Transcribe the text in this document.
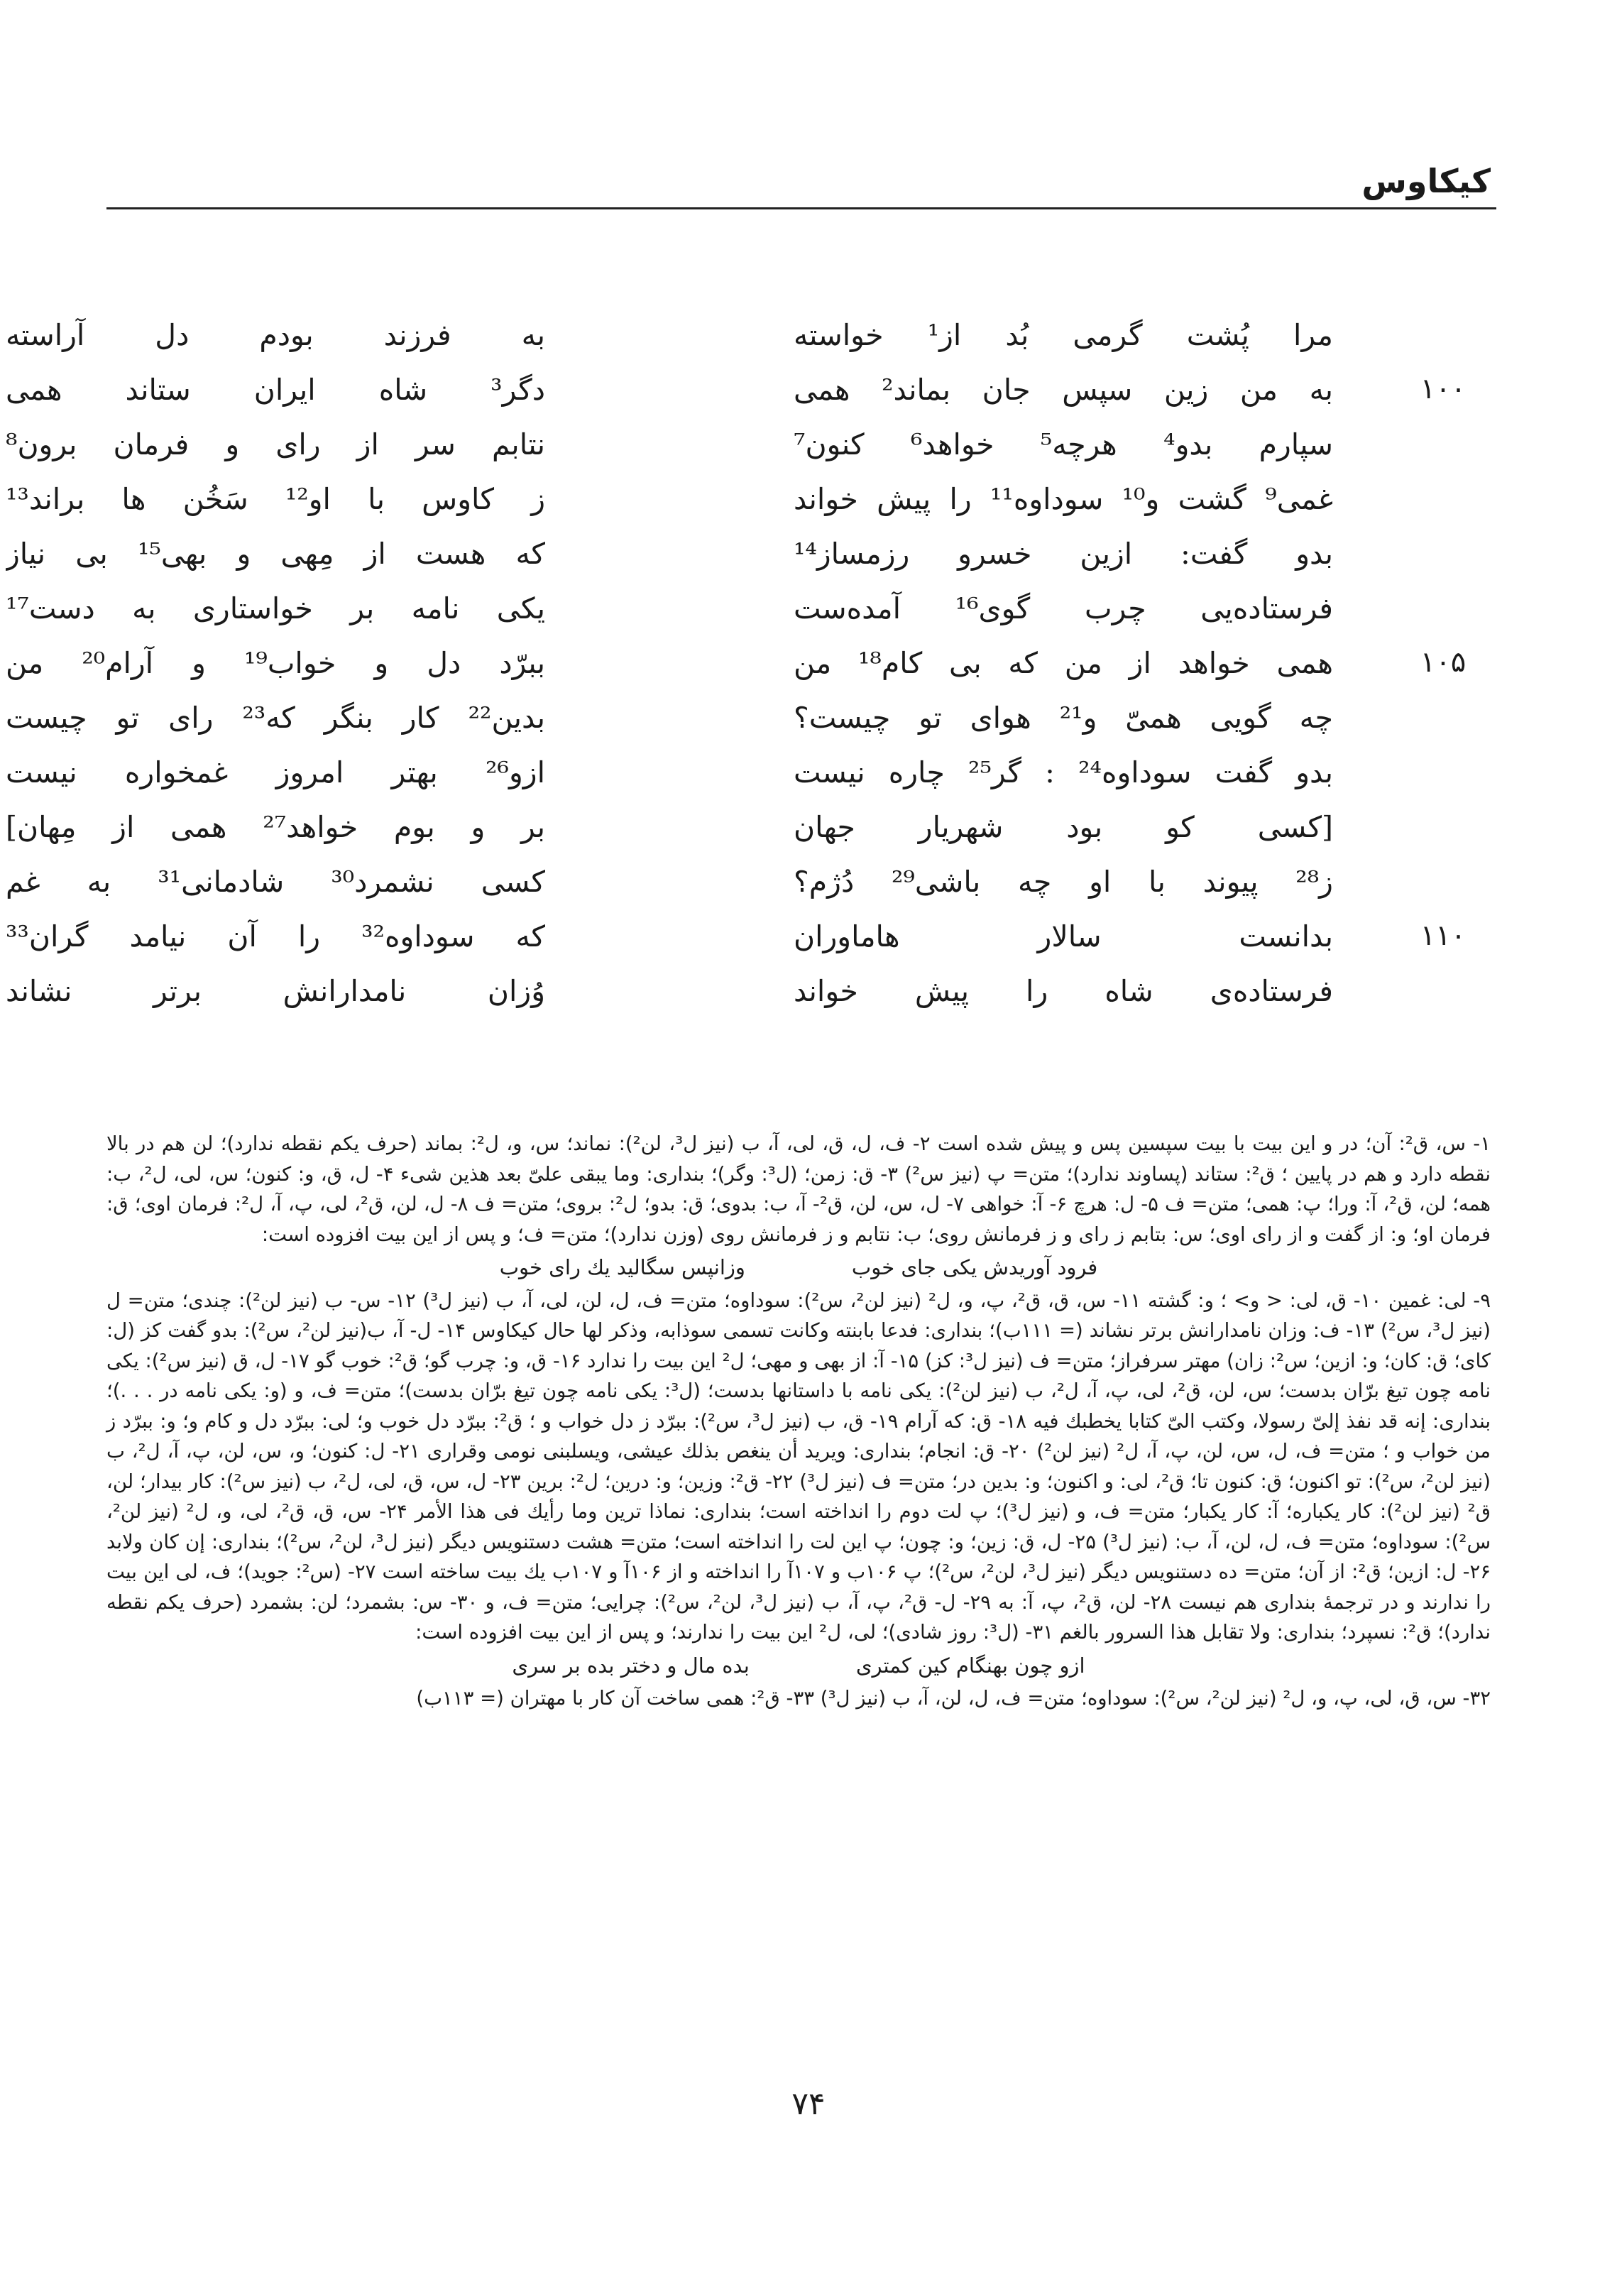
کیکاوس
مرا پُشت گرمی بُد از¹ خواسته
به فرزند بودم دل آراسته
۱۰۰
به من زین سپس جان بماند² همی
دگر³ شاه ایران ستاند همی
سپارم بدو⁴ هرچه⁵ خواهد⁶ کنون⁷
نتابم سر از رای و فرمان برون⁸
غمی⁹ گشت و¹⁰ سوداوه¹¹ را پیش خواند
ز کاوس با او¹² سَخُن ها براند¹³
بدو گفت: ازین خسرو رزمساز¹⁴
که هست از مِهی و بهی¹⁵ بی نیاز
فرستاده‌یی چرب گوی¹⁶ آمده‌ست
یکی نامه بر خواستاری به دست¹⁷
۱۰۵
همی خواهد از من که بی کام¹⁸ من
ببرّد دل و خواب¹⁹ و آرام²⁰ من
چه گویی همیّ و²¹ هوای تو چیست؟
بدین²² کار بنگر که²³ رای تو چیست
بدو گفت سوداوه²⁴ : گر²⁵ چاره نیست
ازو²⁶ بهتر امروز غمخواره نیست
[کسی کو بود شهریار جهان
بر و بوم خواهد²⁷ همی از مِهان]
ز²⁸ پیوند با او چه باشی²⁹ دُژم؟
کسی نشمرد³⁰ شادمانی³¹ به غم
۱۱۰
بدانست سالار هاماوران
که سوداوه³² را آن نیامد گران³³
فرستاده‌ی شاه را پیش خواند
وُزان نامدارانش برتر نشاند

۱- س، ق²: آن؛ در و این بیت با بیت سپسین پس و پیش شده است ۲- ف، ل، ق، لی، آ، ب (نیز ل³، لن²): نماند؛ س، و، ل²: بماند (حرف یکم نقطه ندارد)؛ لن هم در بالا نقطه دارد و هم در پایین ؛ ق²: ستاند (پساوند ندارد)؛ متن= پ (نیز س²) ۳- ق: زمن؛ (ل³: وگر)؛ بنداری: وما یبقی علیّ بعد هذین شیء ۴- ل، ق، و: کنون؛ س، لی، ل²، ب: همه؛ لن، ق²، آ: ورا؛ پ: همی؛ متن= ف ۵- ل: هرچ ۶- آ: خواهی ۷- ل، س، لن، ق²- آ، ب: بدوی؛ ق: بدو؛ ل²: بروی؛ متن= ف ۸- ل، لن، ق²، لی، پ، آ، ل²: فرمان اوی؛ ق: فرمان او؛ و: از گفت و از رای اوی؛ س: بتابم ز رای و ز فرمانش روی؛ ب: نتابم و ز فرمانش روی (وزن ندارد)؛ متن= ف؛ و پس از این بیت افزوده است:

فرود آوریدش یکی جای خوب
وزانپس سگالید یك رای خوب

۹- لی: غمین ۱۰- ق، لی: < و> ؛ و: گشته ۱۱- س، ق، ق²، پ، و، ل² (نیز لن²، س²): سوداوه؛ متن= ف، ل، لن، لی، آ، ب (نیز ل³) ۱۲- س- ب (نیز لن²): چندی؛ متن= ل (نیز ل³، س²) ۱۳- ف: وزان نامدارانش برتر نشاند (= ۱۱۱ب)؛ بنداری: فدعا بابنته وکانت تسمی سوذابه، وذکر لها حال کیکاوس ۱۴- ل- آ، ب(نیز لن²، س²): بدو گفت کز (ل: کای؛ ق: کان؛ و: ازین؛ س²: زان) مهتر سرفراز؛ متن= ف (نیز ل³: کز) ۱۵- آ: از بهی و مهی؛ ل² این بیت را ندارد ۱۶- ق، و: چرب گو؛ ق²: خوب گو ۱۷- ل، ق (نیز س²): یکی نامه چون تیغ برّان بدست؛ س، لن، ق²، لی، پ، آ، ل²، ب (نیز لن²): یکی نامه با داستانها بدست؛ (ل³: یکی نامه چون تیغ برّان بدست)؛ متن= ف، و (و: یکی نامه در . . .)؛ بنداری: إنه قد نفذ إلیّ رسولا، وکتب الیّ کتابا یخطبك فیه ۱۸- ق: که آرام ۱۹- ق، ب (نیز ل³، س²): ببرّد ز دل خواب و ؛ ق²: ببرّد دل خوب و؛ لی: ببرّد دل و کام و؛ و: ببرّد ز من خواب و ؛ متن= ف، ل، س، لن، پ، آ، ل² (نیز لن²) ۲۰- ق: انجام؛ بنداری: ویرید أن ینغص بذلك عیشی، ویسلبنی نومی وقراری ۲۱- ل: کنون؛ و، س، لن، پ، آ، ل²، ب (نیز لن²، س²): تو اکنون؛ ق: کنون تا؛ ق²، لی: و اکنون؛ و: بدین در؛ متن= ف (نیز ل³) ۲۲- ق²: وزین؛ و: درین؛ ل²: برین ۲۳- ل، س، ق، لی، ل²، ب (نیز س²): کار بیدار؛ لن، ق² (نیز لن²): کار یکباره؛ آ: کار یکبار؛ متن= ف، و (نیز ل³)؛ پ لت دوم را انداخته است؛ بنداری: نماذا ترین وما رأیك فی هذا الأمر ۲۴- س، ق، ق²، لی، و، ل² (نیز لن²، س²): سوداوه؛ متن= ف، ل، لن، آ، ب: (نیز ل³) ۲۵- ل، ق: زین؛ و: چون؛ پ این لت را انداخته است؛ متن= هشت دستنویس دیگر (نیز ل³، لن²، س²)؛ بنداری: إن کان ولابد ۲۶- ل: ازین؛ ق²: از آن؛ متن= ده دستنویس دیگر (نیز ل³، لن²، س²)؛ پ ۱۰۶ب و ۱۰۷آ را انداخته و از ۱۰۶آ و ۱۰۷ب یك بیت ساخته است ۲۷- (س²: جوید)؛ ف، لی این بیت را ندارند و در ترجمهٔ بنداری هم نیست ۲۸- لن، ق²، پ، آ: به ۲۹- ل- ق²، پ، آ، ب (نیز ل³، لن²، س²): چرایی؛ متن= ف، و ۳۰- س: بشمرد؛ لن: بشمرد (حرف یکم نقطه ندارد)؛ ق²: نسپرد؛ بنداری: ولا تقابل هذا السرور بالغم ۳۱- (ل³: روز شادی)؛ لی، ل² این بیت را ندارند؛ و پس از این بیت افزوده است:

ازو چون بهنگام کین کمتری
بده مال و دختر بده بر سری

۳۲- س، ق، لی، پ، و، ل² (نیز لن²، س²): سوداوه؛ متن= ف، ل، لن، آ، ب (نیز ل³) ۳۳- ق²: همی ساخت آن کار با مهتران (= ۱۱۳ب)

۷۴
